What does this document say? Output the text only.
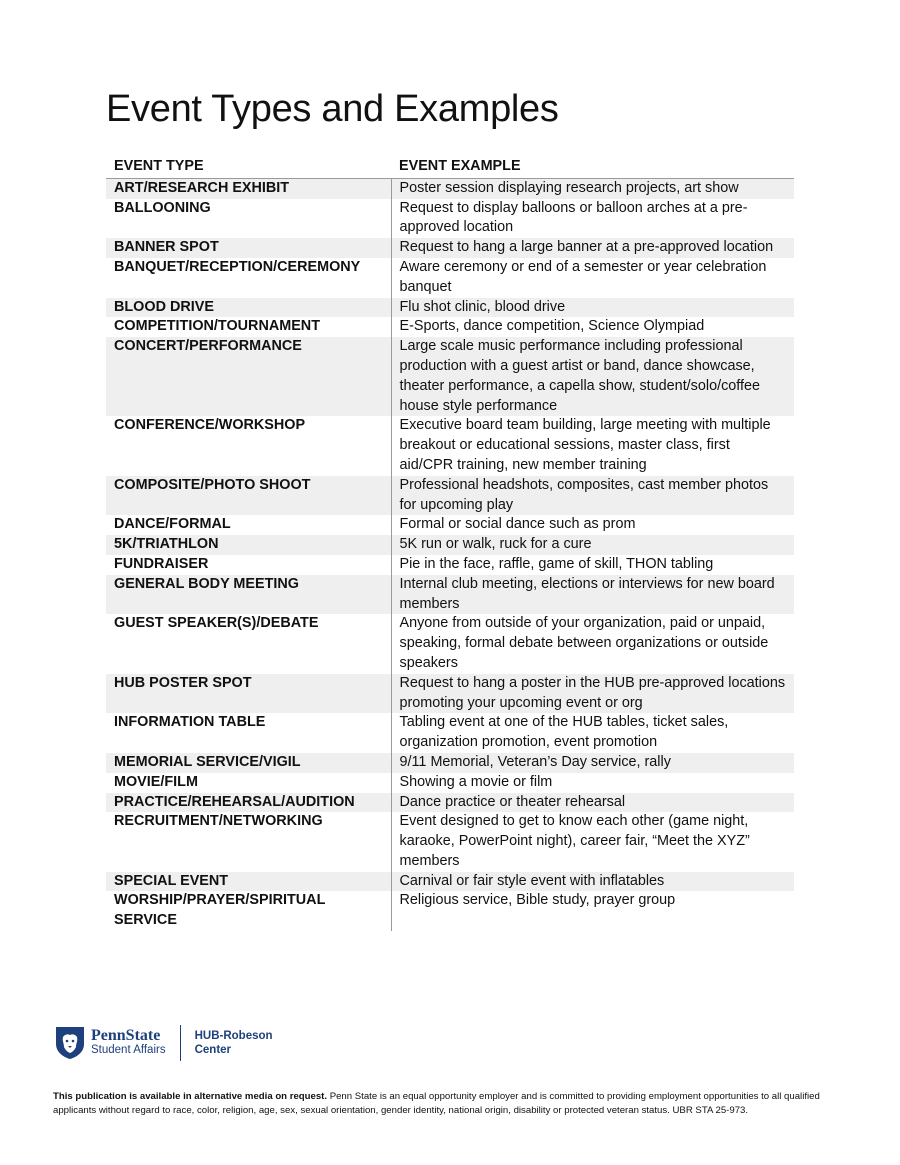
Event Types and Examples
EVENT TYPE	EVENT EXAMPLE
ART/RESEARCH EXHIBIT	Poster session displaying research projects, art show
BALLOONING	Request to display balloons or balloon arches at a pre-approved location
BANNER SPOT	Request to hang a large banner at a pre-approved location
BANQUET/RECEPTION/CEREMONY	Aware ceremony or end of a semester or year celebration banquet
BLOOD DRIVE	Flu shot clinic, blood drive
COMPETITION/TOURNAMENT	E-Sports, dance competition, Science Olympiad
CONCERT/PERFORMANCE	Large scale music performance including professional production with a guest artist or band, dance showcase, theater performance, a capella show, student/solo/coffee house style performance
CONFERENCE/WORKSHOP	Executive board team building, large meeting with multiple breakout or educational sessions, master class, first aid/CPR training, new member training
COMPOSITE/PHOTO SHOOT	Professional headshots, composites, cast member photos for upcoming play
DANCE/FORMAL	Formal or social dance such as prom
5K/TRIATHLON	5K run or walk, ruck for a cure
FUNDRAISER	Pie in the face, raffle, game of skill, THON tabling
GENERAL BODY MEETING	Internal club meeting, elections or interviews for new board members
GUEST SPEAKER(S)/DEBATE	Anyone from outside of your organization, paid or unpaid, speaking, formal debate between organizations or outside speakers
HUB POSTER SPOT	Request to hang a poster in the HUB pre-approved locations promoting your upcoming event or org
INFORMATION TABLE	Tabling event at one of the HUB tables, ticket sales, organization promotion, event promotion
MEMORIAL SERVICE/VIGIL	9/11 Memorial, Veteran’s Day service, rally
MOVIE/FILM	Showing a movie or film
PRACTICE/REHEARSAL/AUDITION	Dance practice or theater rehearsal
RECRUITMENT/NETWORKING	Event designed to get to know each other (game night, karaoke, PowerPoint night), career fair, “Meet the XYZ” members
SPECIAL EVENT	Carnival or fair style event with inflatables
WORSHIP/PRAYER/SPIRITUAL SERVICE	Religious service, Bible study, prayer group
PennState
Student Affairs
HUB-Robeson Center

This publication is available in alternative media on request. Penn State is an equal opportunity employer and is committed to providing employment opportunities to all qualified applicants without regard to race, color, religion, age, sex, sexual orientation, gender identity, national origin, disability or protected veteran status. UBR STA 25-973.
